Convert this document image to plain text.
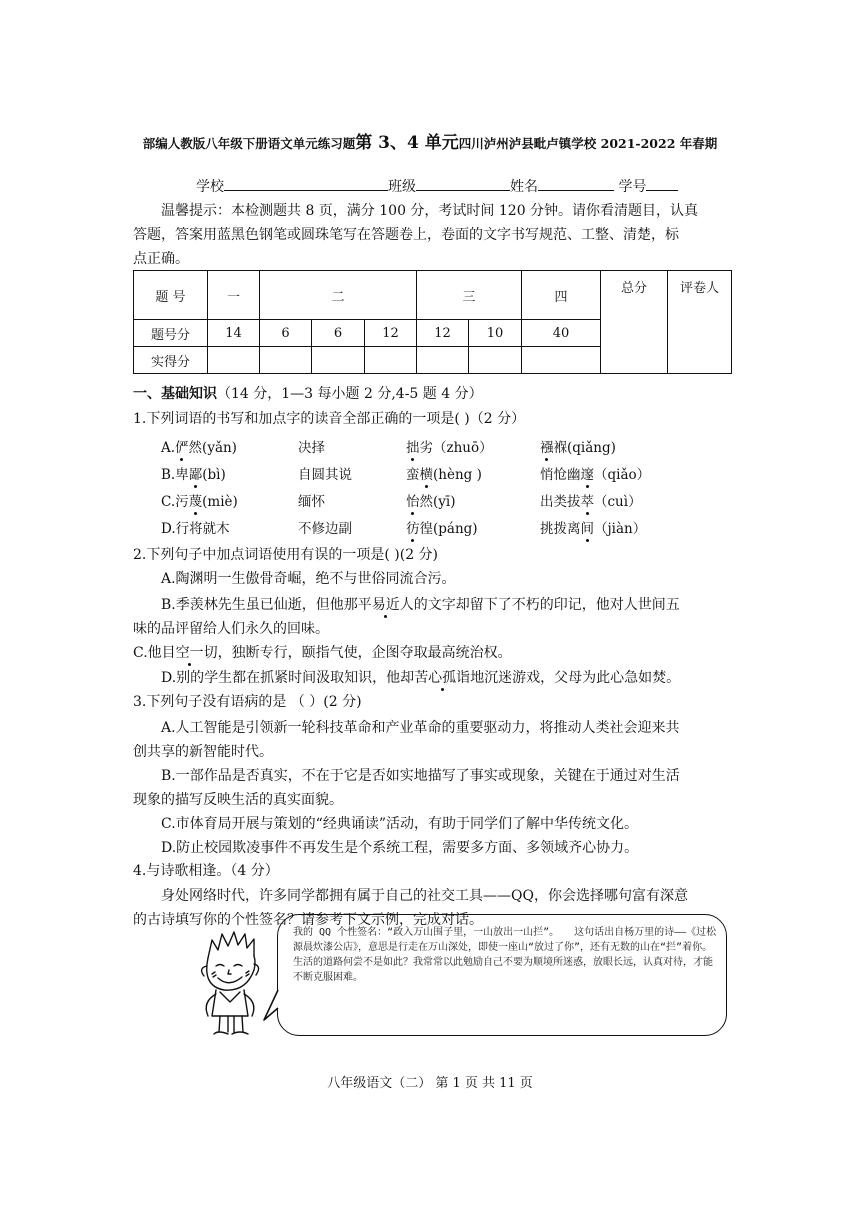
部编人教版八年级下册语文单元练习题第 3、4 单元四川泸州泸县毗卢镇学校 2021-2022 年春期
学校	班级	姓名	学号
温馨提示：本检测题共 8 页，满分 100 分，考试时间 120 分钟。请你看清题目，认真
答题，答案用蓝黑色钢笔或圆珠笔写在答题卷上，卷面的文字书写规范、工整、清楚，标
点正确。
题 号	一	二			三		四	总分	评卷人
题号分	14	6	6	12	12	10	40		
实得分									
一、基础知识（14 分，1—3 每小题 2 分,4-5 题 4 分）
1.下列词语的书写和加点字的读音全部正确的一项是( )（2 分）
A.俨然(yǎn)	决择	拙劣（zhuō）	襁褓(qiǎng)
B.卑鄙(bì)	自圆其说	蛮横(hèng )	悄怆幽邃（qiǎo）
C.污蔑(miè)	缅怀	怡然(yī)	出类拔萃（cuì）
D.行将就木	不修边副	彷徨(páng)	挑拨离间（jiàn）
2.下列句子中加点词语使用有误的一项是( )(2 分)
A.陶渊明一生傲骨奇崛，绝不与世俗同流合污。
B.季羡林先生虽已仙逝，但他那平易近人的文字却留下了不朽的印记，他对人世间五
味的品评留给人们永久的回味。
C.他目空一切，独断专行，颐指气使，企图夺取最高统治权。
D.别的学生都在抓紧时间汲取知识，他却苦心孤诣地沉迷游戏，父母为此心急如焚。
3.下列句子没有语病的是 （ ）(2 分)
A.人工智能是引领新一轮科技革命和产业革命的重要驱动力，将推动人类社会迎来共
创共享的新智能时代。
B.一部作品是否真实，不在于它是否如实地描写了事实或现象，关键在于通过对生活
现象的描写反映生活的真实面貌。
C.市体育局开展与策划的“经典诵读”活动，有助于同学们了解中华传统文化。
D.防止校园欺凌事件不再发生是个系统工程，需要多方面、多领域齐心协力。
4.与诗歌相逢。（4 分）
身处网络时代，许多同学都拥有属于自己的社交工具——QQ，你会选择哪句富有深意
的古诗填写你的个性签名？请参考下文示例，完成对话。
我的 QQ 个性签名：“政入万山围子里，一山放出一山拦”。　　这句话出自杨万里的诗——《过松源晨炊漆公店》，意思是行走在万山深处，即使一座山“放过了你”，还有无数的山在“拦”着你。生活的道路何尝不是如此？我常常以此勉励自己不要为顺境所迷惑，放眼长远，认真对待，才能不断克服困难。
八年级语文（二） 第 1 页 共 11 页
